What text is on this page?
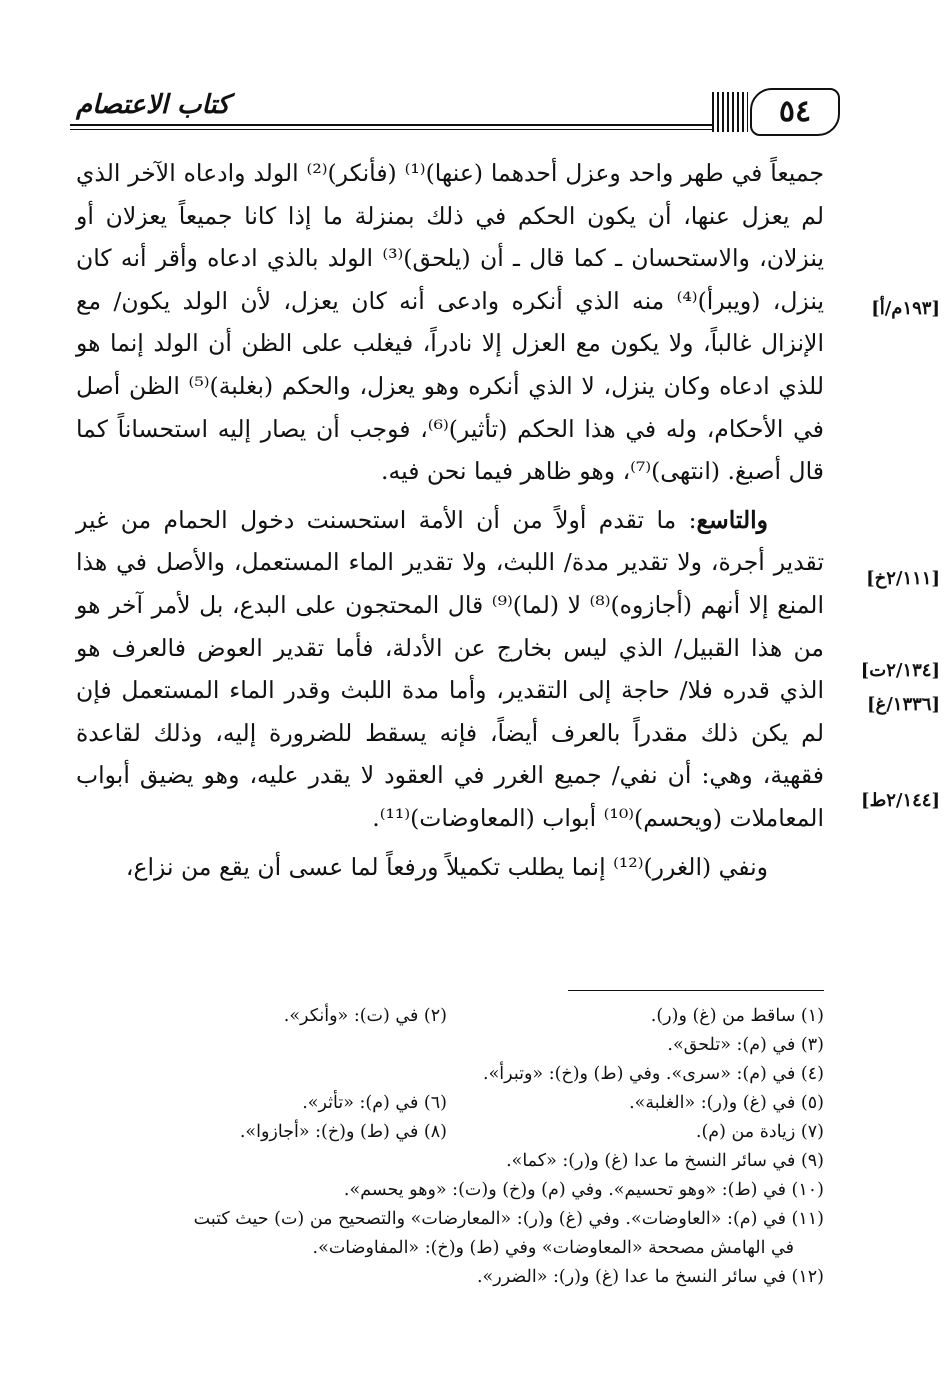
كتاب الاعتصام	٥٤
[١٩٣م/أ]
[٢/١١١خ]
[٢/١٣٤ت]
[١٣٣٦/غ]
[٢/١٤٤ط]

جميعاً في طهر واحد وعزل أحدهما (عنها)⁽¹⁾ (فأنكر)⁽²⁾ الولد وادعاه الآخر الذي لم يعزل عنها، أن يكون الحكم في ذلك بمنزلة ما إذا كانا جميعاً يعزلان أو ينزلان، والاستحسان ـ كما قال ـ أن (يلحق)⁽³⁾ الولد بالذي ادعاه وأقر أنه كان ينزل، (ويبرأ)⁽⁴⁾ منه الذي أنكره وادعى أنه كان يعزل، لأن الولد يكون/ مع الإنزال غالباً، ولا يكون مع العزل إلا نادراً، فيغلب على الظن أن الولد إنما هو للذي ادعاه وكان ينزل، لا الذي أنكره وهو يعزل، والحكم (بغلبة)⁽⁵⁾ الظن أصل في الأحكام، وله في هذا الحكم (تأثير)⁽⁶⁾، فوجب أن يصار إليه استحساناً كما قال أصبغ. (انتهى)⁽⁷⁾، وهو ظاهر فيما نحن فيه.

والتاسع: ما تقدم أولاً من أن الأمة استحسنت دخول الحمام من غير تقدير أجرة، ولا تقدير مدة/ اللبث، ولا تقدير الماء المستعمل، والأصل في هذا المنع إلا أنهم (أجازوه)⁽⁸⁾ لا (لما)⁽⁹⁾ قال المحتجون على البدع، بل لأمر آخر هو من هذا القبيل/ الذي ليس بخارج عن الأدلة، فأما تقدير العوض فالعرف هو الذي قدره فلا/ حاجة إلى التقدير، وأما مدة اللبث وقدر الماء المستعمل فإن لم يكن ذلك مقدراً بالعرف أيضاً، فإنه يسقط للضرورة إليه، وذلك لقاعدة فقهية، وهي: أن نفي/ جميع الغرر في العقود لا يقدر عليه، وهو يضيق أبواب المعاملات (ويحسم)⁽¹⁰⁾ أبواب (المعاوضات)⁽¹¹⁾.

ونفي (الغرر)⁽¹²⁾ إنما يطلب تكميلاً ورفعاً لما عسى أن يقع من نزاع،

(١) ساقط من (غ) و(ر).
(٢) في (ت): «وأنكر».
(٣) في (م): «تلحق».
(٤) في (م): «سرى». وفي (ط) و(خ): «وتبرأ».
(٥) في (غ) و(ر): «الغلبة».
(٦) في (م): «تأثر».
(٧) زيادة من (م).
(٨) في (ط) و(خ): «أجازوا».
(٩) في سائر النسخ ما عدا (غ) و(ر): «كما».
(١٠) في (ط): «وهو تحسيم». وفي (م) و(خ) و(ت): «وهو يحسم».
(١١) في (م): «العاوضات». وفي (غ) و(ر): «المعارضات» والتصحيح من (ت) حيث كتبت
في الهامش مصححة «المعاوضات» وفي (ط) و(خ): «المفاوضات».
(١٢) في سائر النسخ ما عدا (غ) و(ر): «الضرر».
